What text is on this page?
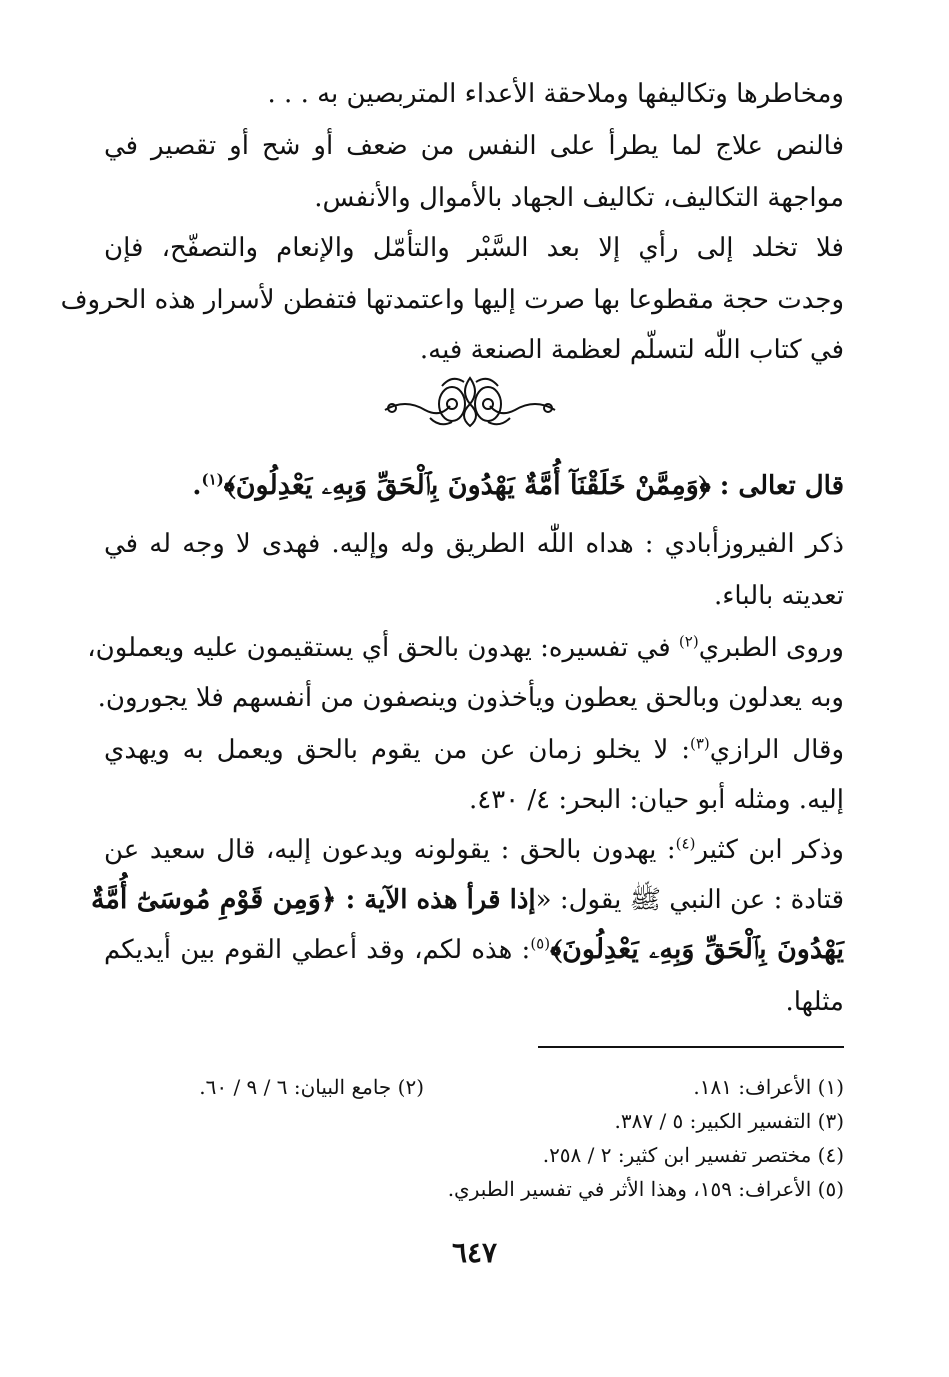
ومخاطرها وتكاليفها وملاحقة الأعداء المتربصين به . . .
فالنص علاج لما يطرأ على النفس من ضعف أو شح أو تقصير في
مواجهة التكاليف، تكاليف الجهاد بالأموال والأنفس.
فلا تخلد إلى رأي إلا بعد السَّبْر والتأمّل والإنعام والتصفّح، فإن
وجدت حجة مقطوعا بها صرت إليها واعتمدتها فتفطن لأسرار هذه الحروف
في كتاب اللّٰه لتسلّم لعظمة الصنعة فيه.
قال تعالى : ﴿وَمِمَّنْ خَلَقْنَآ أُمَّةٌ يَهْدُونَ بِٱلْحَقِّ وَبِهِۦ يَعْدِلُونَ﴾$^{(١)}$.
ذكر الفيروزأبادي : هداه اللّٰه الطريق وله وإليه. فهدى لا وجه له في
تعديته بالباء.
وروى الطبري$^{(٢)}$ في تفسيره: يهدون بالحق أي يستقيمون عليه ويعملون،
وبه يعدلون وبالحق يعطون ويأخذون وينصفون من أنفسهم فلا يجورون.
وقال الرازي$^{(٣)}$: لا يخلو زمان عن من يقوم بالحق ويعمل به ويهدي
إليه. ومثله أبو حيان: البحر: ٤/ ٤٣٠.
وذكر ابن كثير$^{(٤)}$: يهدون بالحق : يقولونه ويدعون إليه، قال سعيد عن
قتادة : عن النبي ﷺ يقول: «إذا قرأ هذه الآية : ﴿وَمِن قَوْمِ مُوسَىٰٓ أُمَّةٌ
يَهْدُونَ بِٱلْحَقِّ وَبِهِۦ يَعْدِلُونَ﴾$^{(٥)}$: هذه لكم، وقد أعطي القوم بين أيديكم
مثلها.
(١) الأعراف: ١٨١.
(٢) جامع البيان: ٦ / ٩ / ٦٠.
(٣) التفسير الكبير: ٥ / ٣٨٧.
(٤) مختصر تفسير ابن كثير: ٢ / ٢٥٨.
(٥) الأعراف: ١٥٩، وهذا الأثر في تفسير الطبري.
٦٤٧
